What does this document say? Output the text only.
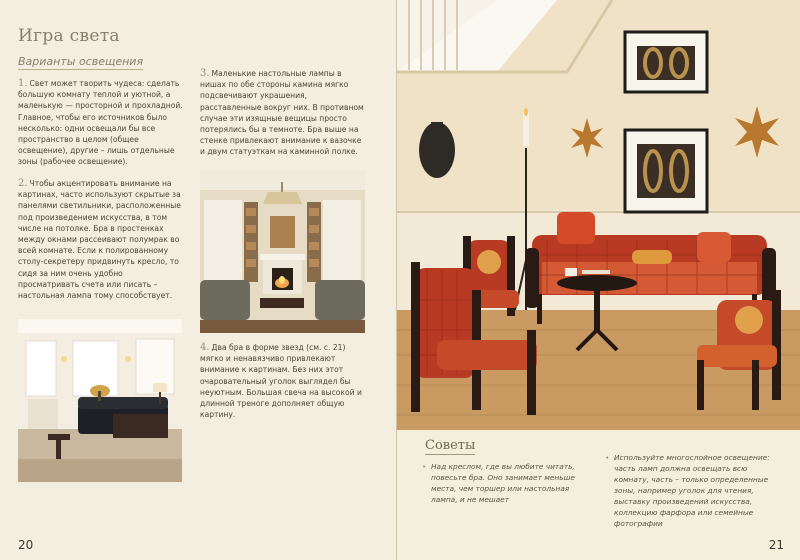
Игра света
Варианты освещения
1. Свет может творить чудеса: сделать большую комнату теплой и уютной, а маленькую — просторной и прохладной. Главное, чтобы его источников было несколько: одни освещали бы все пространство в целом (общее освещение), другие – лишь отдельные зоны (рабочее освещение).
2. Чтобы акцентировать внимание на картинах, часто используют скрытые за панелями светильники, расположенные под произведением искусства, в том числе на потолке. Бра в простенках между окнами рассеивают полумрак во всей комнате. Если к полированному столу-секретеру придвинуть кресло, то сидя за ним очень удобно просматривать счета или писать – настольная лампа тому способствует.
3. Маленькие настольные лампы в нишах по обе стороны камина мягко подсвечивают украшения, расставленные вокруг них. В противном случае эти изящные вещицы просто потерялись бы в темноте. Бра выше на стенке привлекают внимание к вазочке и двум статуэткам на каминной полке.
4. Два бра в форме звезд (см. с. 21) мягко и ненавязчиво привлекают внимание к картинам. Без них этот очаровательный уголок выглядел бы неуютным. Большая свеча на высокой и длинной треноге дополняет общую картину.
20
Советы
• Над креслом, где вы любите читать, повесьте бра. Оно занимает меньше места, чем торшер или настольная лампа, и не мешает
• Используйте многослойное освещение: часть ламп должна освещать всю комнату, часть – только определенные зоны, например уголок для чтения, выставку произведений искусства, коллекцию фарфора или семейные фотографии
21
